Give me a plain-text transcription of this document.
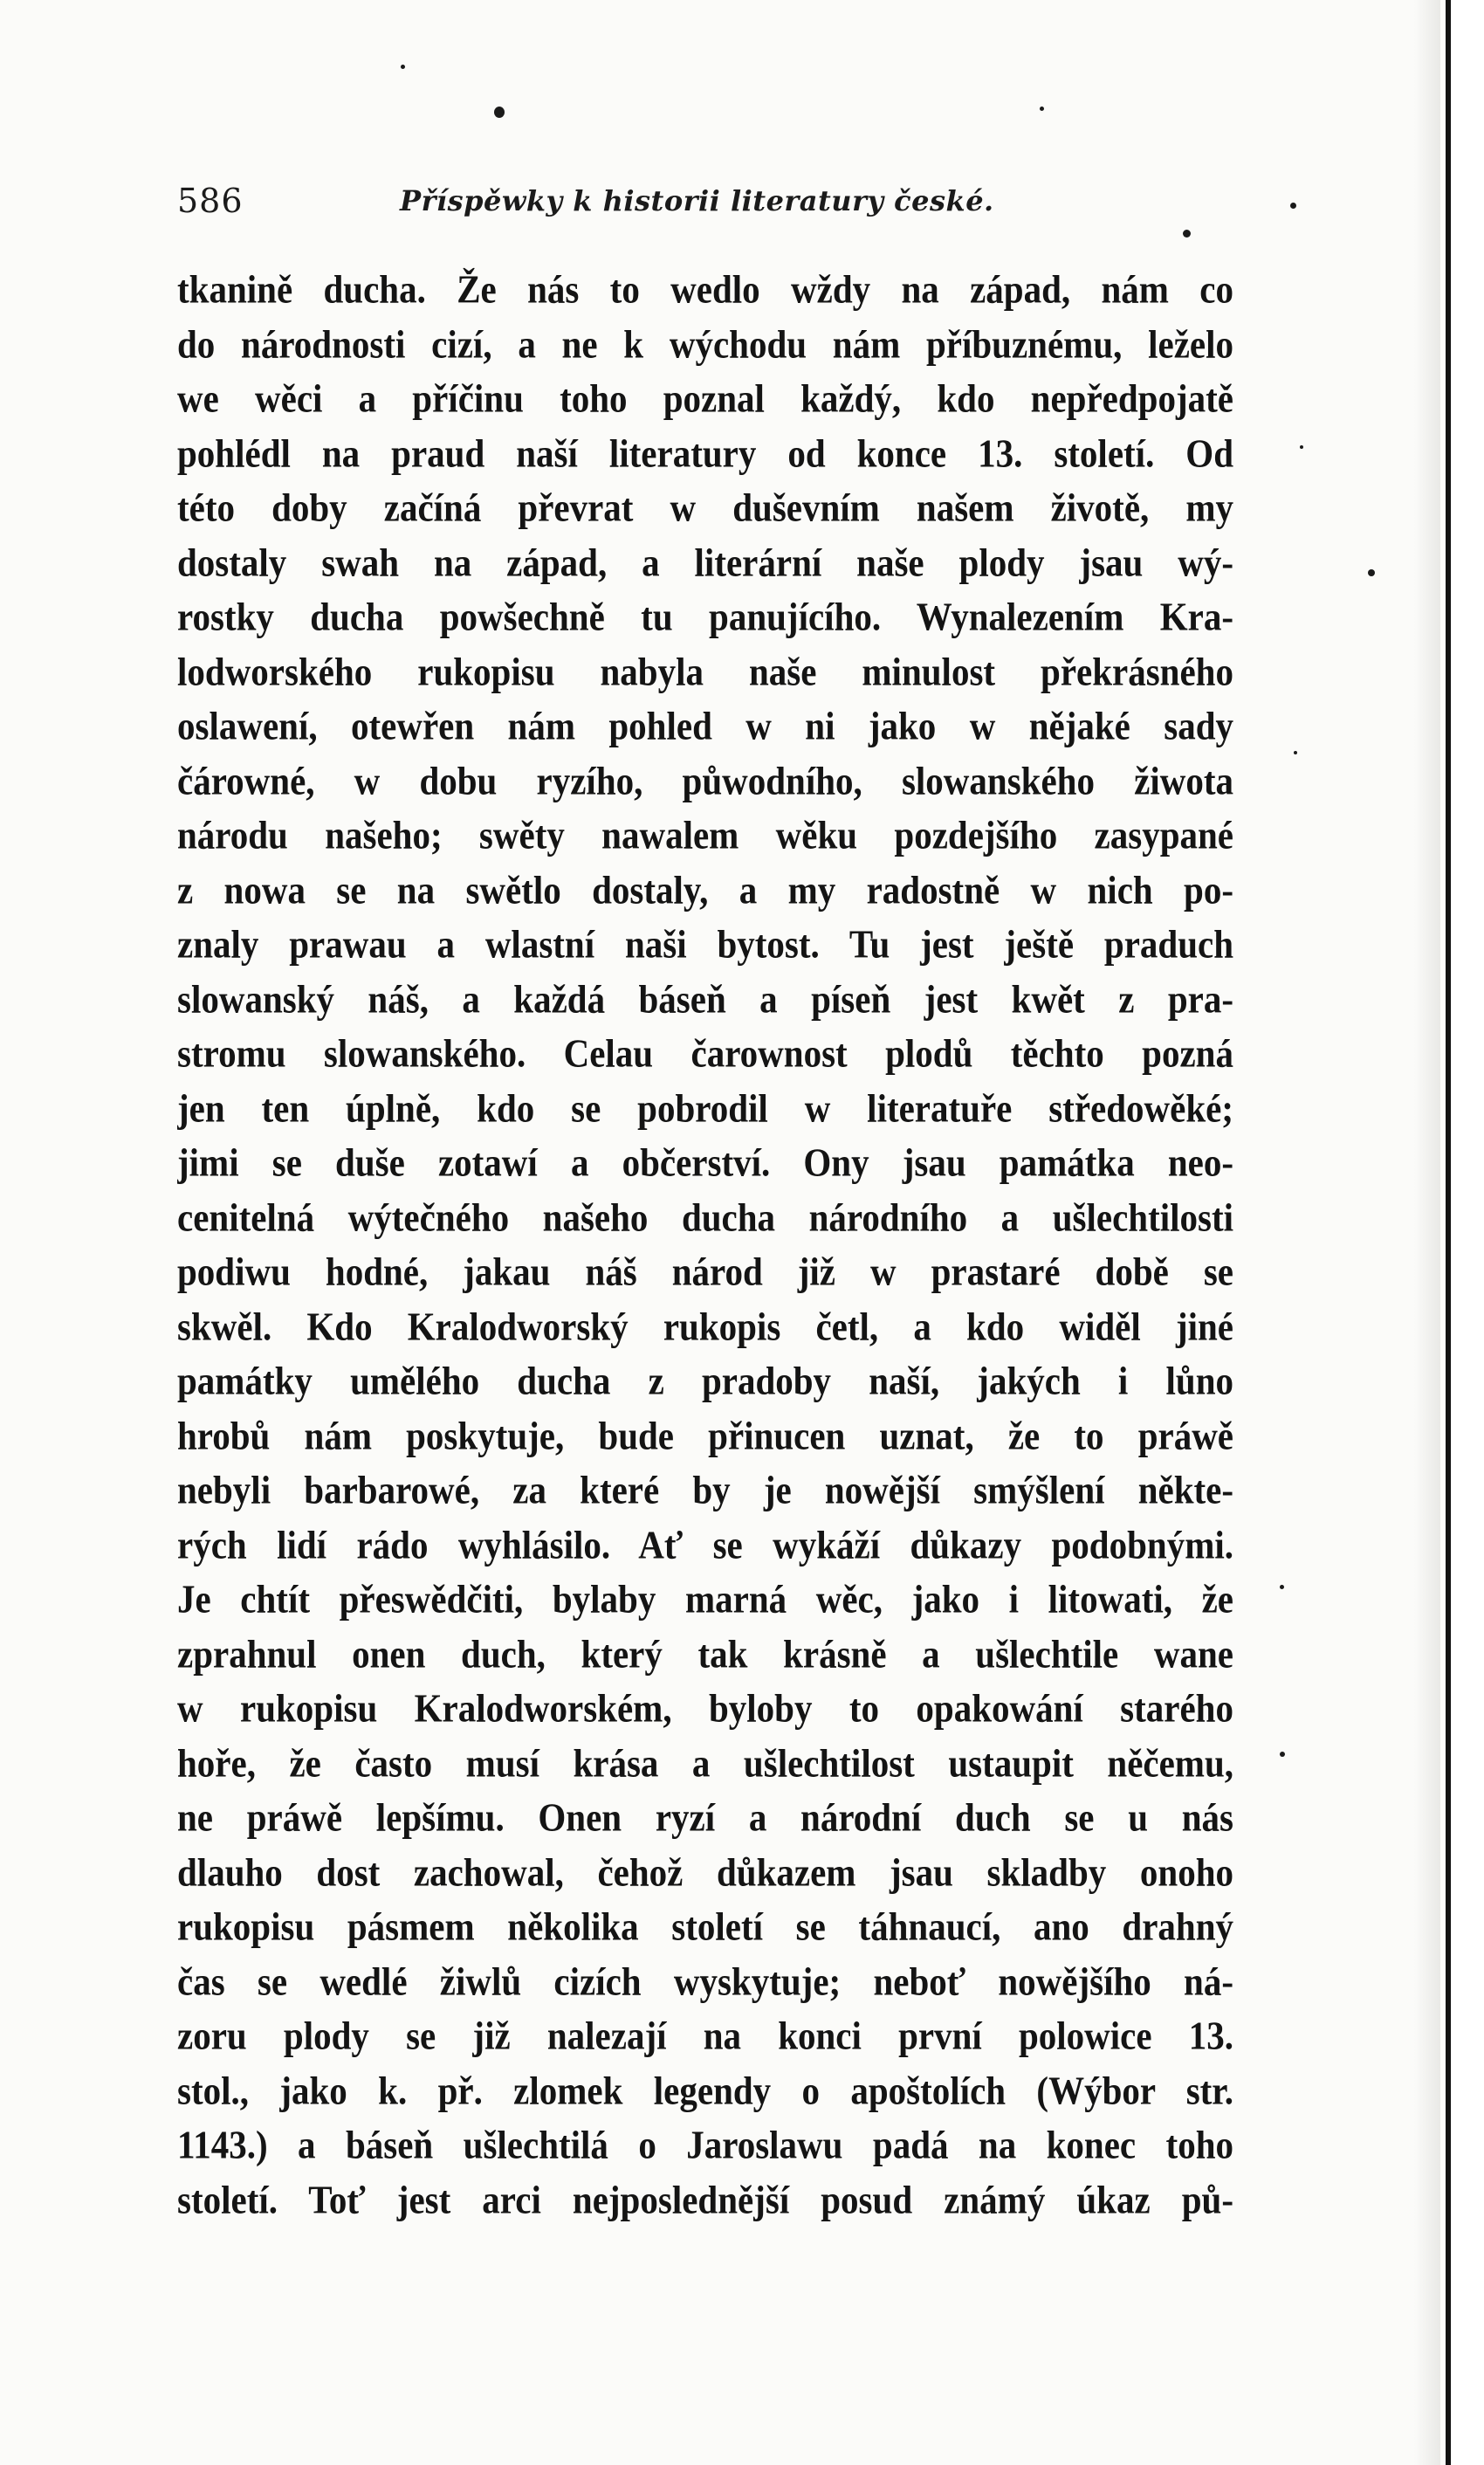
586	Příspěwky k historii literatury české.
tkanině ducha. Že nás to wedlo wždy na západ, nám co
do národnosti cizí, a ne k wýchodu nám příbuznému, leželo
we wěci a příčinu toho poznal každý, kdo nepředpojatě
pohlédl na praud naší literatury od konce 13. století. Od
této doby začíná převrat w duševním našem životě, my
dostaly swah na západ, a literární naše plody jsau wý-
rostky ducha powšechně tu panujícího. Wynalezením Kra-
lodworského rukopisu nabyla naše minulost překrásného
oslawení, otewřen nám pohled w ni jako w nějaké sady
čárowné, w dobu ryzího, půwodního, slowanského žiwota
národu našeho; swěty nawalem wěku pozdejšího zasypané
z nowa se na swětlo dostaly, a my radostně w nich po-
znaly prawau a wlastní naši bytost. Tu jest ještě praduch
slowanský náš, a každá báseň a píseň jest kwět z pra-
stromu slowanského. Celau čarownost plodů těchto pozná
jen ten úplně, kdo se pobrodil w literatuře středowěké;
jimi se duše zotawí a občerství. Ony jsau památka neo-
cenitelná wýtečného našeho ducha národního a ušlechtilosti
podiwu hodné, jakau náš národ již w prastaré době se
skwěl. Kdo Kralodworský rukopis četl, a kdo widěl jiné
památky umělého ducha z pradoby naší, jakých i lůno
hrobů nám poskytuje, bude přinucen uznat, že to práwě
nebyli barbarowé, za které by je nowější smýšlení někte-
rých lidí rádo wyhlásilo. Ať se wykáží důkazy podobnými.
Je chtít přeswědčiti, bylaby marná wěc, jako i litowati, že
zprahnul onen duch, který tak krásně a ušlechtile wane
w rukopisu Kralodworském, byloby to opakowání starého
hoře, že často musí krása a ušlechtilost ustaupit něčemu,
ne práwě lepšímu. Onen ryzí a národní duch se u nás
dlauho dost zachowal, čehož důkazem jsau skladby onoho
rukopisu pásmem několika století se táhnaucí, ano drahný
čas se wedlé žiwlů cizích wyskytuje; neboť nowějšího ná-
zoru plody se již nalezají na konci první polowice 13.
stol., jako k. př. zlomek legendy o apoštolích (Wýbor str.
1143.) a báseň ušlechtilá o Jaroslawu padá na konec toho
století. Toť jest arci nejposlednější posud známý úkaz pů-
